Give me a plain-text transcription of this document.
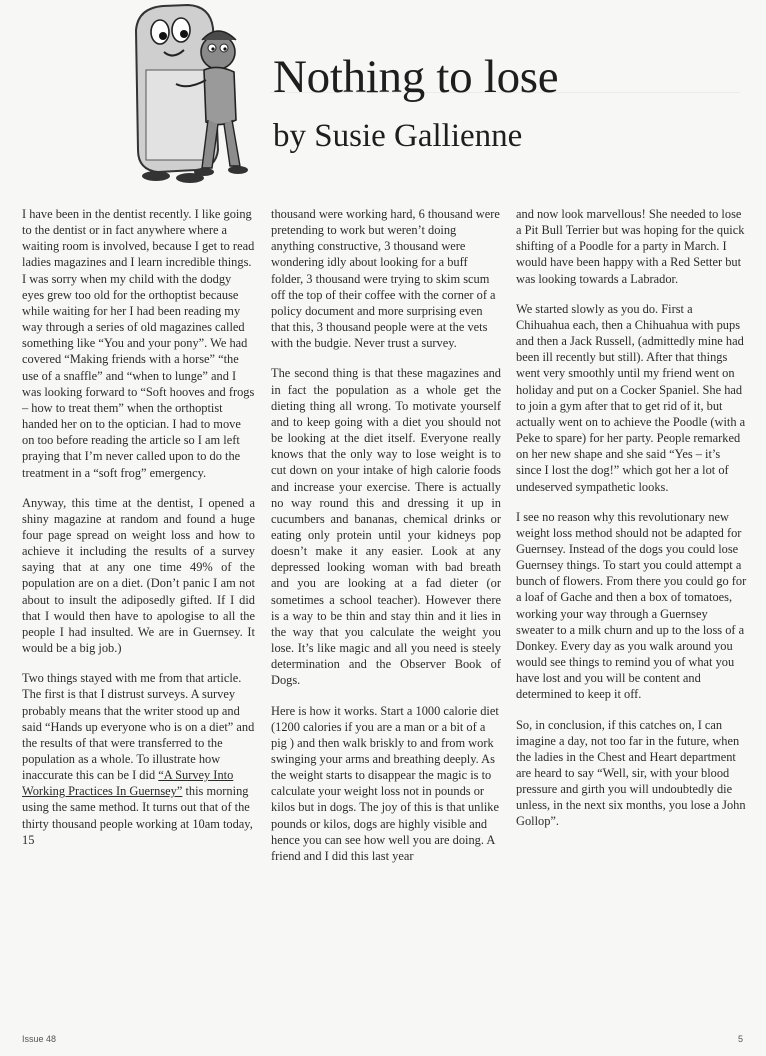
Nothing to lose
by Susie Gallienne

I have been in the dentist recently. I like going to the dentist or in fact anywhere where a waiting room is involved, because I get to read ladies magazines and I learn incredible things. I was sorry when my child with the dodgy eyes grew too old for the orthoptist because while waiting for her I had been reading my way through a series of old magazines called something like “You and your pony”. We had covered “Making friends with a horse” “the use of a snaffle” and “when to lunge” and I was looking forward to “Soft hooves and frogs – how to treat them” when the orthoptist handed her on to the optician. I had to move on too before reading the article so I am left praying that I’m never called upon to do the treatment in a “soft frog” emergency.

Anyway, this time at the dentist, I opened a shiny magazine at random and found a huge four page spread on weight loss and how to achieve it including the results of a survey saying that at any one time 49% of the population are on a diet. (Don’t panic I am not about to insult the adiposedly gifted. If I did that I would then have to apologise to all the people I had insulted. We are in Guernsey. It would be a big job.)

Two things stayed with me from that article. The first is that I distrust surveys. A survey probably means that the writer stood up and said “Hands up everyone who is on a diet” and the results of that were transferred to the population as a whole. To illustrate how inaccurate this can be I did “A Survey Into Working Practices In Guernsey” this morning using the same method. It turns out that of the thirty thousand people working at 10am today, 15

thousand were working hard, 6 thousand were pretending to work but weren’t doing anything constructive, 3 thousand were wondering idly about looking for a buff folder, 3 thousand were trying to skim scum off the top of their coffee with the corner of a policy document and more surprising even that this, 3 thousand people were at the vets with the budgie. Never trust a survey.

The second thing is that these magazines and in fact the population as a whole get the dieting thing all wrong. To motivate yourself and to keep going with a diet you should not be looking at the diet itself. Everyone really knows that the only way to lose weight is to cut down on your intake of high calorie foods and increase your exercise. There is actually no way round this and dressing it up in cucumbers and bananas, chemical drinks or eating only protein until your kidneys pop doesn’t make it any easier. Look at any depressed looking woman with bad breath and you are looking at a fad dieter (or sometimes a school teacher). However there is a way to be thin and stay thin and it lies in the way that you calculate the weight you lose. It’s like magic and all you need is steely determination and the Observer Book of Dogs.

Here is how it works. Start a 1000 calorie diet (1200 calories if you are a man or a bit of a pig ) and then walk briskly to and from work swinging your arms and breathing deeply. As the weight starts to disappear the magic is to calculate your weight loss not in pounds or kilos but in dogs. The joy of this is that unlike pounds or kilos, dogs are highly visible and hence you can see how well you are doing. A friend and I did this last year

and now look marvellous! She needed to lose a Pit Bull Terrier but was hoping for the quick shifting of a Poodle for a party in March. I would have been happy with a Red Setter but was looking towards a Labrador.

We started slowly as you do. First a Chihuahua each, then a Chihuahua with pups and then a Jack Russell, (admittedly mine had been ill recently but still). After that things went very smoothly until my friend went on holiday and put on a Cocker Spaniel. She had to join a gym after that to get rid of it, but actually went on to achieve the Poodle (with a Peke to spare) for her party. People remarked on her new shape and she said “Yes – it’s since I lost the dog!” which got her a lot of undeserved sympathetic looks.

I see no reason why this revolutionary new weight loss method should not be adapted for Guernsey. Instead of the dogs you could lose Guernsey things. To start you could attempt a bunch of flowers. From there you could go for a loaf of Gache and then a box of tomatoes, working your way through a Guernsey sweater to a milk churn and up to the loss of a Donkey. Every day as you walk around you would see things to remind you of what you have lost and you will be content and determined to keep it off.

So, in conclusion, if this catches on, I can imagine a day, not too far in the future, when the ladies in the Chest and Heart department are heard to say “Well, sir, with your blood pressure and girth you will undoubtedly die unless, in the next six months, you lose a John Gollop”.

Issue 48	5
